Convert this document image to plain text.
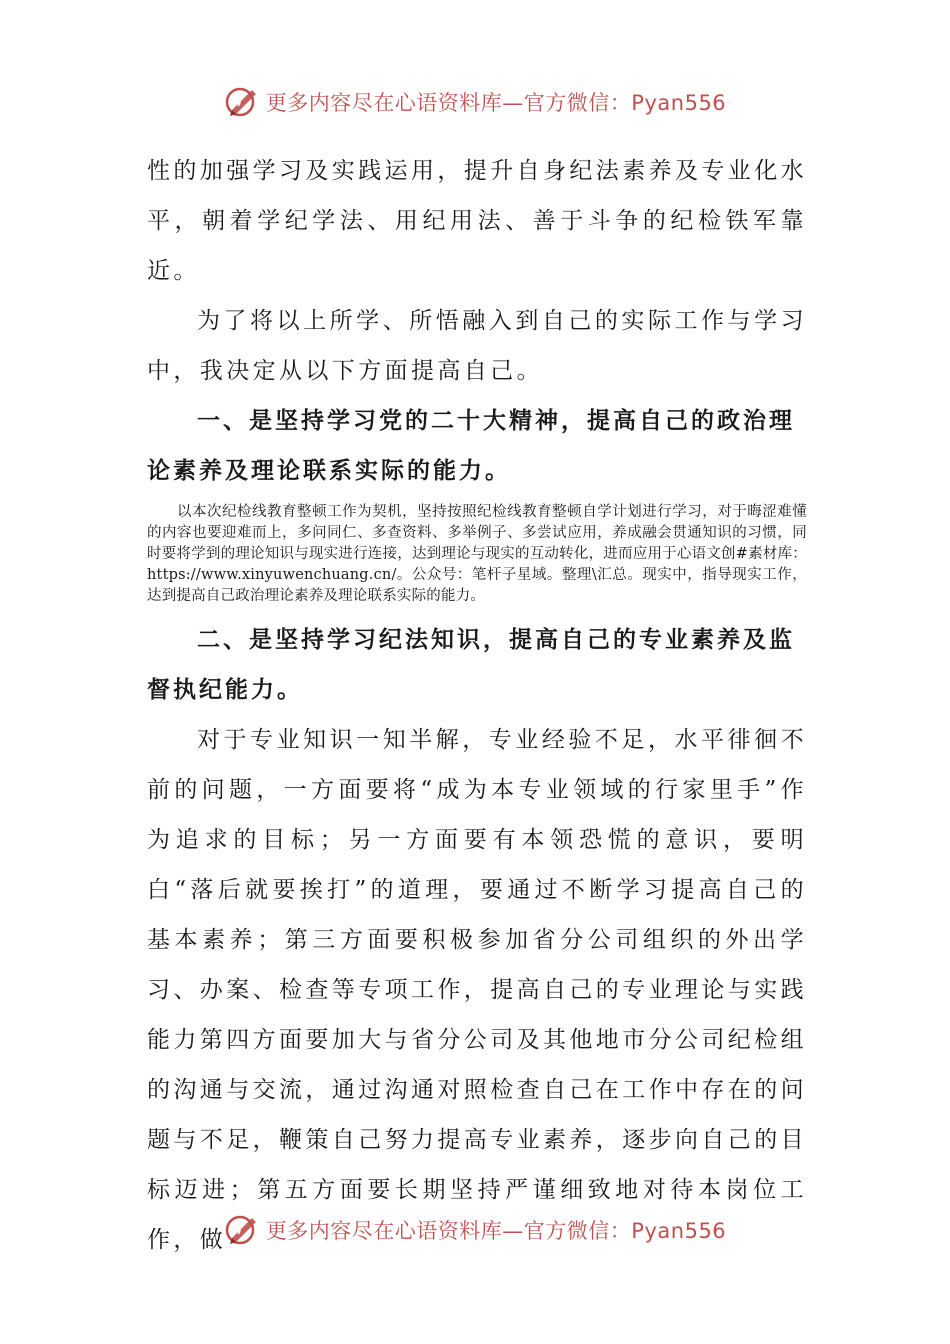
更多内容尽在心语资料库—官方微信：Pyan556

性的加强学习及实践运用，提升自身纪法素养及专业化水平，朝着学纪学法、用纪用法、善于斗争的纪检铁军靠近。

为了将以上所学、所悟融入到自己的实际工作与学习中，我决定从以下方面提高自己。

一、是坚持学习党的二十大精神，提高自己的政治理论素养及理论联系实际的能力。

以本次纪检线教育整顿工作为契机，坚持按照纪检线教育整顿自学计划进行学习，对于晦涩难懂的内容也要迎难而上，多问同仁、多查资料、多举例子、多尝试应用，养成融会贯通知识的习惯，同时要将学到的理论知识与现实进行连接，达到理论与现实的互动转化，进而应用于心语文创#素材库：https://www.xinyuwenchuang.cn/。公众号：笔杆子星域。整理\汇总。现实中，指导现实工作，达到提高自己政治理论素养及理论联系实际的能力。

二、是坚持学习纪法知识，提高自己的专业素养及监督执纪能力。

对于专业知识一知半解，专业经验不足，水平徘徊不前的问题，一方面要将“成为本专业领域的行家里手”作为追求的目标；另一方面要有本领恐慌的意识，要明白“落后就要挨打”的道理，要通过不断学习提高自己的基本素养；第三方面要积极参加省分公司组织的外出学习、办案、检查等专项工作，提高自己的专业理论与实践能力第四方面要加大与省分公司及其他地市分公司纪检组的沟通与交流，通过沟通对照检查自己在工作中存在的问题与不足，鞭策自己努力提高专业素养，逐步向自己的目标迈进；第五方面要长期坚持严谨细致地对待本岗位工作，做	更多内容尽在心语资料库—官方微信：Pyan556
